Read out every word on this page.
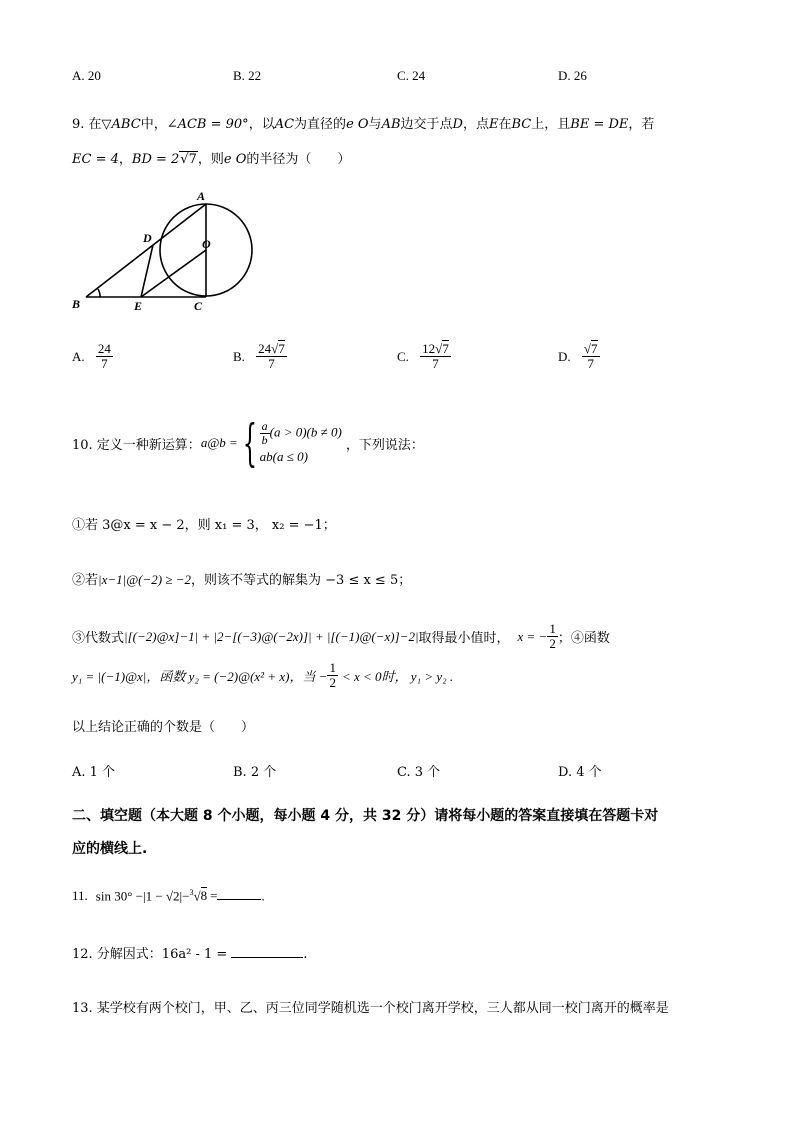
A. 20	B. 22	C. 24	D. 26
9. 在▽ABC中，∠ACB = 90°，以AC为直径的e O与AB边交于点D，点E在BC上，且BE = DE，若
EC = 4，BD = 2√7，则e O的半径为（　　）
A
O
D
B	E	C
A. $\frac{24}{7}$	B. $\frac{24√7}{7}$	C. $\frac{12√7}{7}$	D. $\frac{√7}{7}$
10. 定义一种新运算： a@b = { $\frac{a}{b} (a > 0)(b \ne 0)$
ab(a ≤ 0)
，下列说法：
①若 3@x = x − 2，则 x₁ = 3， x₂ = −1；
②若|x−1|@(−2) ≥ −2，则该不等式的解集为 −3 ≤ x ≤ 5；
③代数式 |[(−2)@x]−1| + |2−[(−3)@(−2x)]| + |[(−1)@(−x)]−2| 取得最小值时， x = − $\frac{1}{2}$ ；④函数
y₁ = |(−1)@x|，函数 y₂ = (−2)@(x² + x)，当 − $\frac{1}{2} < x < 0$时， y₁ > y₂ .
以上结论正确的个数是（　　）
A. 1 个	B. 2 个	C. 3 个	D. 4 个
二、填空题（本大题 8 个小题，每小题 4 分，共 32 分）请将每小题的答案直接填在答题卡对
应的横线上.
11. sin 30° −|1 − √2|−$^3$√8 =	.
12. 分解因式：16a² - 1 =	.
13. 某学校有两个校门，甲、乙、丙三位同学随机选一个校门离开学校，三人都从同一校门离开的概率是
